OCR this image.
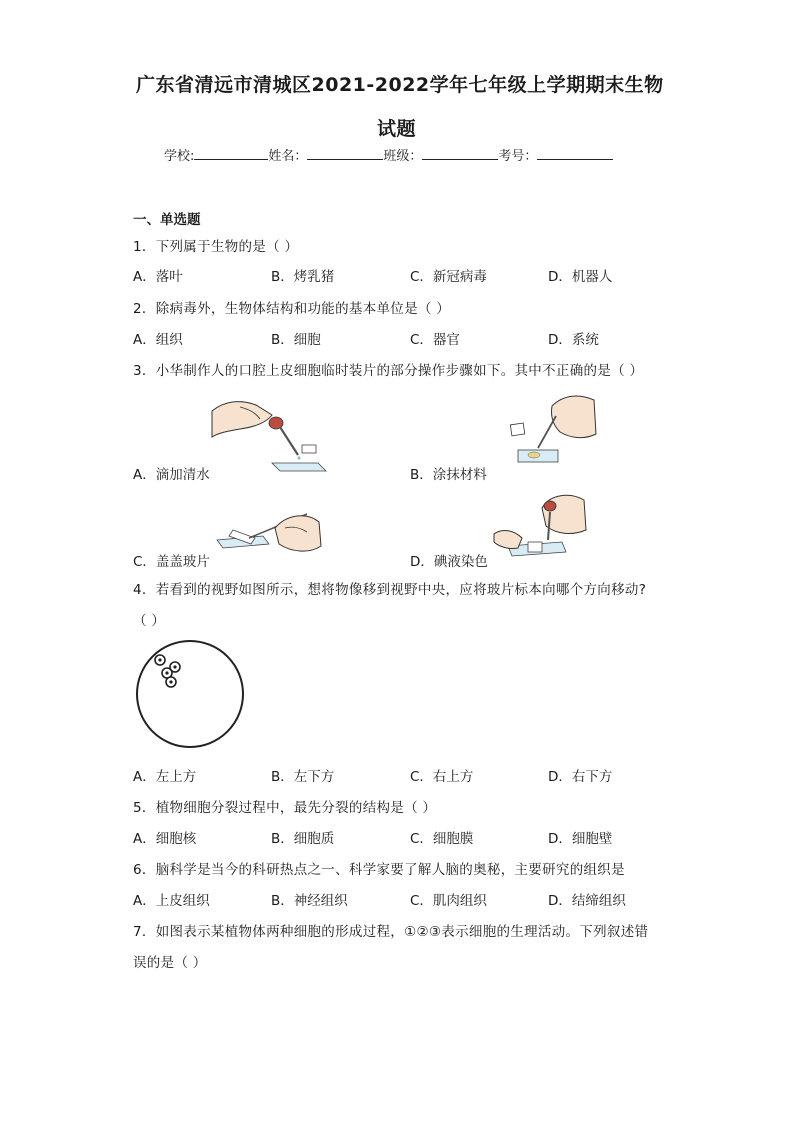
广东省清远市清城区2021-2022学年七年级上学期期末生物
试题
学校:	姓名：	班级：	考号：
一、单选题
1．下列属于生物的是（ ）
A．落叶	B．烤乳猪	C．新冠病毒	D．机器人
2．除病毒外，生物体结构和功能的基本单位是（ ）
A．组织	B．细胞	C．器官	D．系统
3．小华制作人的口腔上皮细胞临时装片的部分操作步骤如下。其中不正确的是（ ）
A．滴加清水	B．涂抹材料
C．盖盖玻片	D．碘液染色
4．若看到的视野如图所示，想将物像移到视野中央，应将玻片标本向哪个方向移动?
（ ）
A．左上方	B．左下方	C．右上方	D．右下方
5．植物细胞分裂过程中，最先分裂的结构是（ ）
A．细胞核	B．细胞质	C．细胞膜	D．细胞壁
6．脑科学是当今的科研热点之一、科学家要了解人脑的奥秘，主要研究的组织是
A．上皮组织	B．神经组织	C．肌肉组织	D．结缔组织
7．如图表示某植物体两种细胞的形成过程，①②③表示细胞的生理活动。下列叙述错
误的是（ ）
